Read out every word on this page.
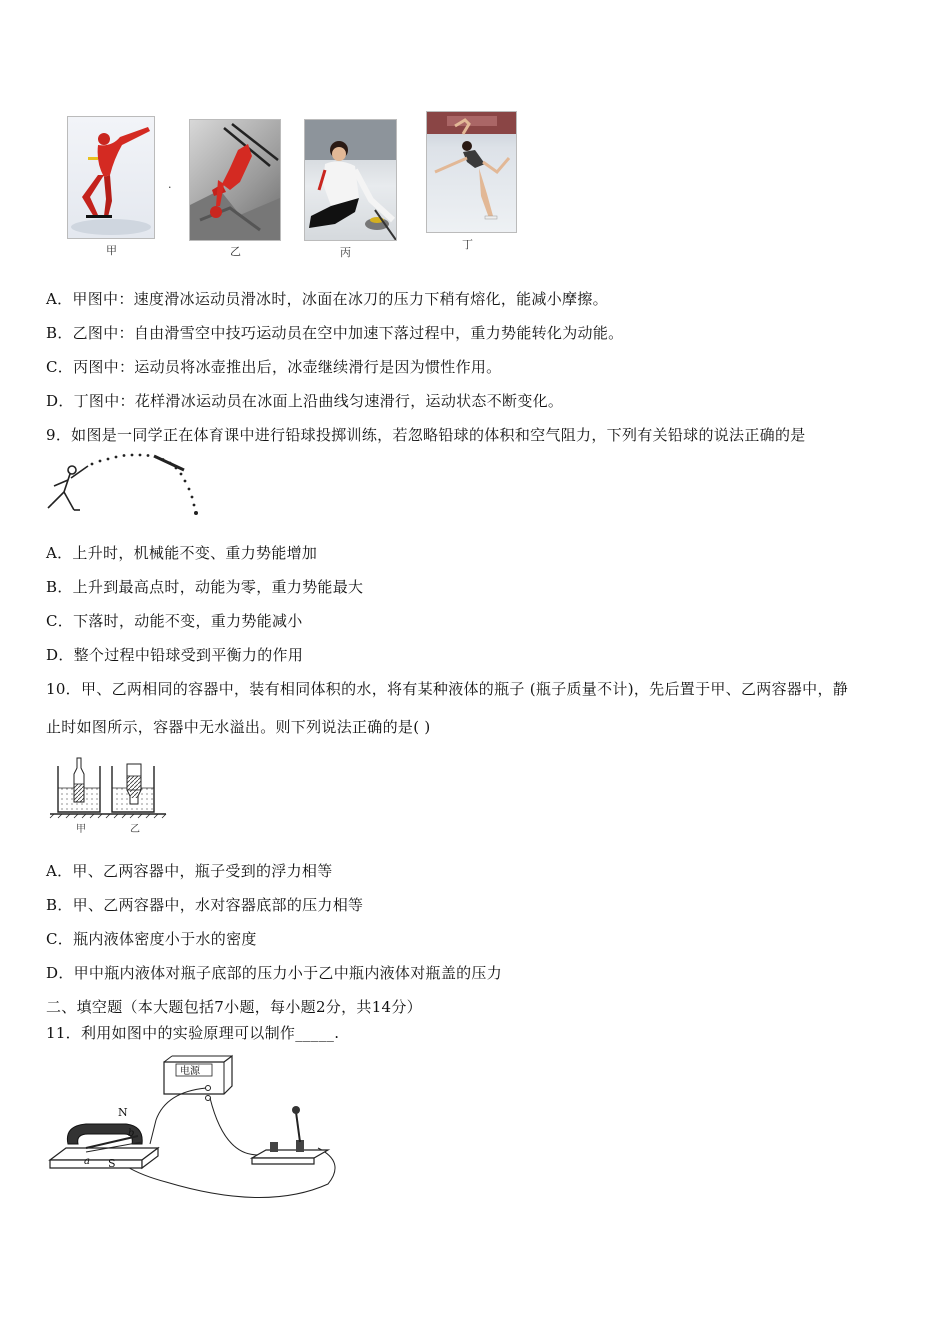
甲
.
乙	丙
丁
A．甲图中：速度滑冰运动员滑冰时，冰面在冰刀的压力下稍有熔化，能减小摩擦。
B．乙图中：自由滑雪空中技巧运动员在空中加速下落过程中，重力势能转化为动能。
C．丙图中：运动员将冰壶推出后，冰壶继续滑行是因为惯性作用。
D．丁图中：花样滑冰运动员在冰面上沿曲线匀速滑行，运动状态不断变化。
9．如图是一同学正在体育课中进行铅球投掷训练，若忽略铅球的体积和空气阻力，下列有关铅球的说法正确的是
A．上升时，机械能不变、重力势能增加
B．上升到最高点时，动能为零，重力势能最大
C．下落时，动能不变，重力势能减小
D．整个过程中铅球受到平衡力的作用
10．甲、乙两相同的容器中，装有相同体积的水，将有某种液体的瓶子 (瓶子质量不计)，先后置于甲、乙两容器中，静
止时如图所示，容器中无水溢出。则下列说法正确的是( )
甲	乙
A．甲、乙两容器中，瓶子受到的浮力相等
B．甲、乙两容器中，水对容器底部的压力相等
C．瓶内液体密度小于水的密度
D．甲中瓶内液体对瓶子底部的压力小于乙中瓶内液体对瓶盖的压力
二、填空题（本大题包括7小题，每小题2分，共14分）
11．利用如图中的实验原理可以制作_____.
电源
N
S
b
a
